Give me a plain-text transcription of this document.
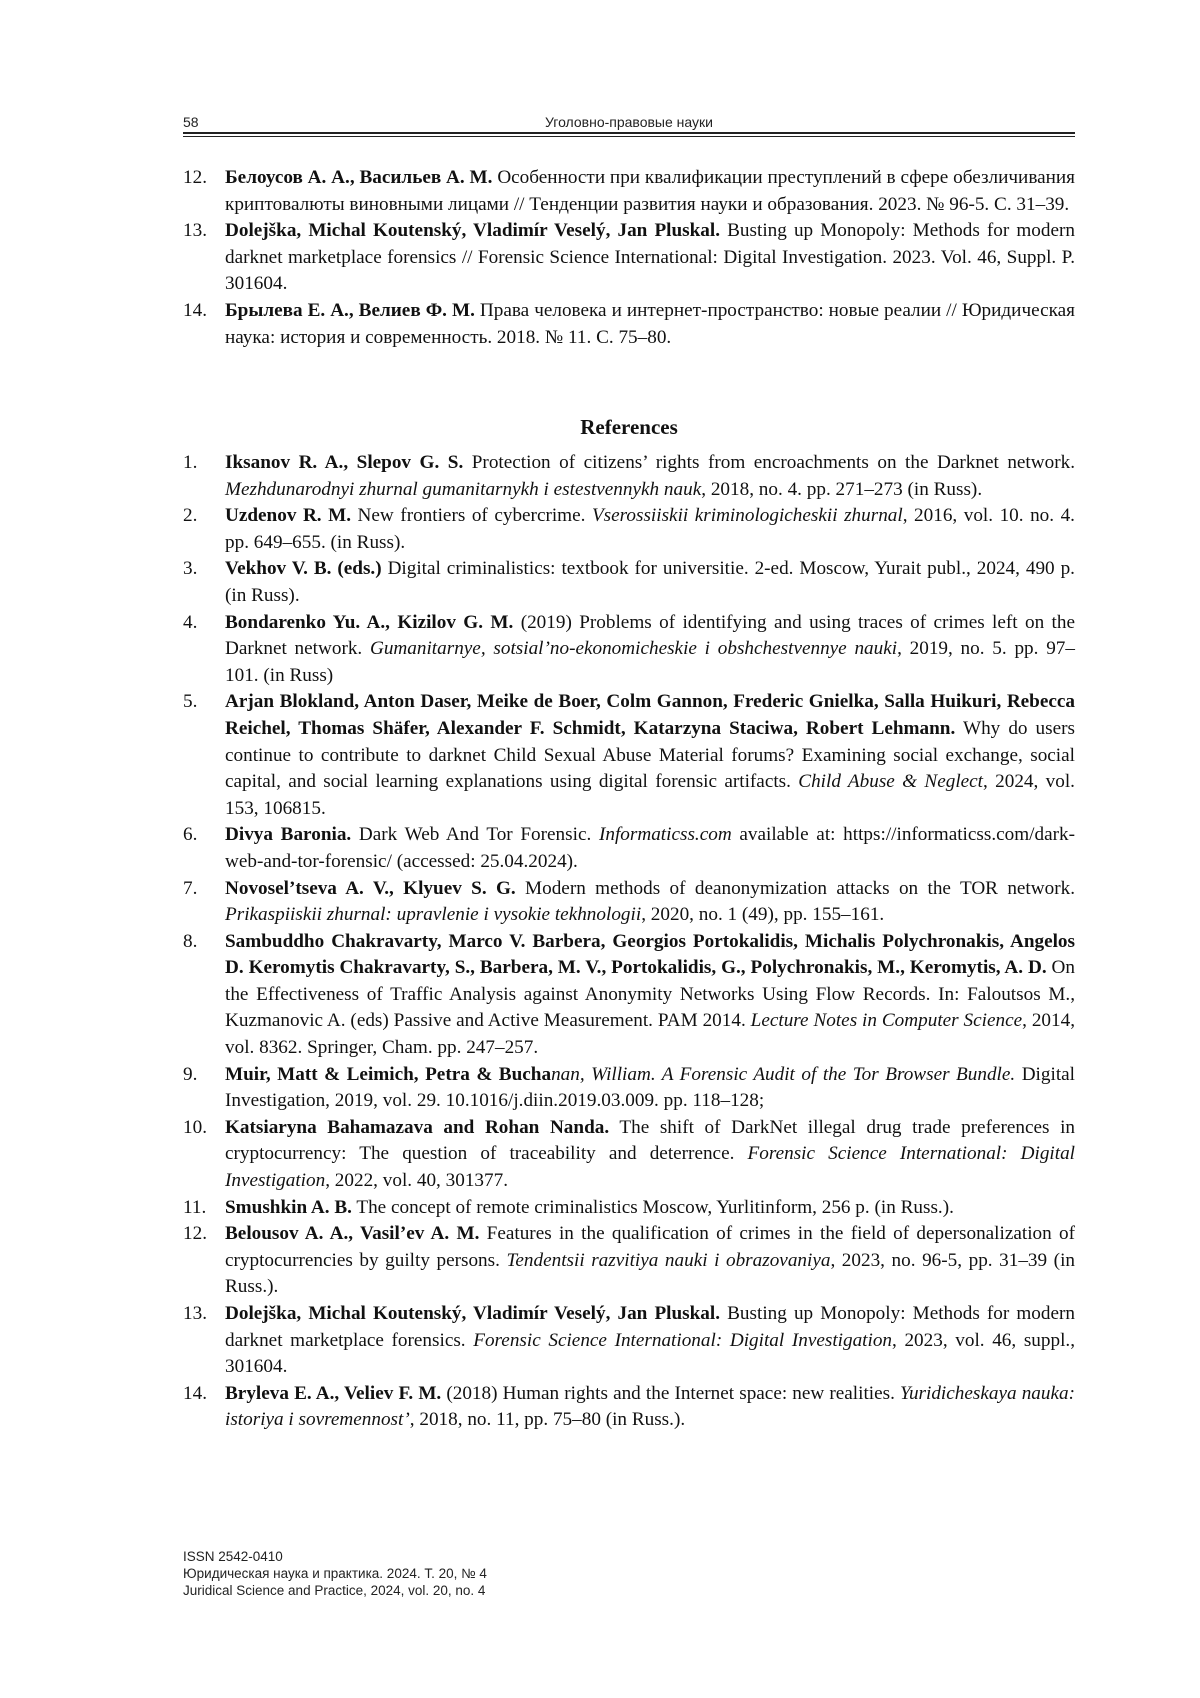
58	Уголовно-правовые науки
12. Белоусов А. А., Васильев А. М. Особенности при квалификации преступлений в сфере обезличивания криптовалюты виновными лицами // Тенденции развития науки и образования. 2023. № 96-5. С. 31–39.
13. Dolejška, Michal Koutenský, Vladimír Veselý, Jan Pluskal. Busting up Monopoly: Methods for modern darknet marketplace forensics // Forensic Science International: Digital Investigation. 2023. Vol. 46, Suppl. P. 301604.
14. Брылева Е. А., Велиев Ф. М. Права человека и интернет-пространство: новые реалии // Юридическая наука: история и современность. 2018. № 11. С. 75–80.
References
1. Iksanov R. A., Slepov G. S. Protection of citizens’ rights from encroachments on the Darknet network. Mezhdunarodnyi zhurnal gumanitarnykh i estestvennykh nauk, 2018, no. 4. pp. 271–273 (in Russ).
2. Uzdenov R. M. New frontiers of cybercrime. Vserossiiskii kriminologicheskii zhurnal, 2016, vol. 10. no. 4. pp. 649–655. (in Russ).
3. Vekhov V. B. (eds.) Digital criminalistics: textbook for universitie. 2-ed. Moscow, Yurait publ., 2024, 490 p. (in Russ).
4. Bondarenko Yu. A., Kizilov G. M. (2019) Problems of identifying and using traces of crimes left on the Darknet network. Gumanitarnye, sotsial’no-ekonomicheskie i obshchestvennye nauki, 2019, no. 5. pp. 97–101. (in Russ)
5. Arjan Blokland, Anton Daser, Meike de Boer, Colm Gannon, Frederic Gnielka, Salla Huikuri, Rebecca Reichel, Thomas Shäfer, Alexander F. Schmidt, Katarzyna Staciwa, Robert Lehmann. Why do users continue to contribute to darknet Child Sexual Abuse Material forums? Examining social exchange, social capital, and social learning explanations using digital forensic artifacts. Child Abuse & Neglect, 2024, vol. 153, 106815.
6. Divya Baronia. Dark Web And Tor Forensic. Informaticss.com available at: https://informaticss.com/dark-web-and-tor-forensic/ (accessed: 25.04.2024).
7. Novosel’tseva A. V., Klyuev S. G. Modern methods of deanonymization attacks on the TOR network. Prikaspiiskii zhurnal: upravlenie i vysokie tekhnologii, 2020, no. 1 (49), pp. 155–161.
8. Sambuddho Chakravarty, Marco V. Barbera, Georgios Portokalidis, Michalis Polychronakis, Angelos D. Keromytis Chakravarty, S., Barbera, M. V., Portokalidis, G., Polychronakis, M., Keromytis, A. D. On the Effectiveness of Traffic Analysis against Anonymity Networks Using Flow Records. In: Faloutsos M., Kuzmanovic A. (eds) Passive and Active Measurement. PAM 2014. Lecture Notes in Computer Science, 2014, vol. 8362. Springer, Cham. pp. 247–257.
9. Muir, Matt & Leimich, Petra & Buchanan, William. A Forensic Audit of the Tor Browser Bundle. Digital Investigation, 2019, vol. 29. 10.1016/j.diin.2019.03.009. pp. 118–128;
10. Katsiaryna Bahamazava and Rohan Nanda. The shift of DarkNet illegal drug trade preferences in cryptocurrency: The question of traceability and deterrence. Forensic Science International: Digital Investigation, 2022, vol. 40, 301377.
11. Smushkin A. B. The concept of remote criminalistics Moscow, Yurlitinform, 256 p. (in Russ.).
12. Belousov A. A., Vasil’ev A. M. Features in the qualification of crimes in the field of depersonalization of cryptocurrencies by guilty persons. Tendentsii razvitiya nauki i obrazovaniya, 2023, no. 96-5, pp. 31–39 (in Russ.).
13. Dolejška, Michal Koutenský, Vladimír Veselý, Jan Pluskal. Busting up Monopoly: Methods for modern darknet marketplace forensics. Forensic Science International: Digital Investigation, 2023, vol. 46, suppl., 301604.
14. Bryleva E. A., Veliev F. M. (2018) Human rights and the Internet space: new realities. Yuridicheskaya nauka: istoriya i sovremennost’, 2018, no. 11, pp. 75–80 (in Russ.).
ISSN 2542-0410
Юридическая наука и практика. 2024. Т. 20, № 4
Juridical Science and Practice, 2024, vol. 20, no. 4
